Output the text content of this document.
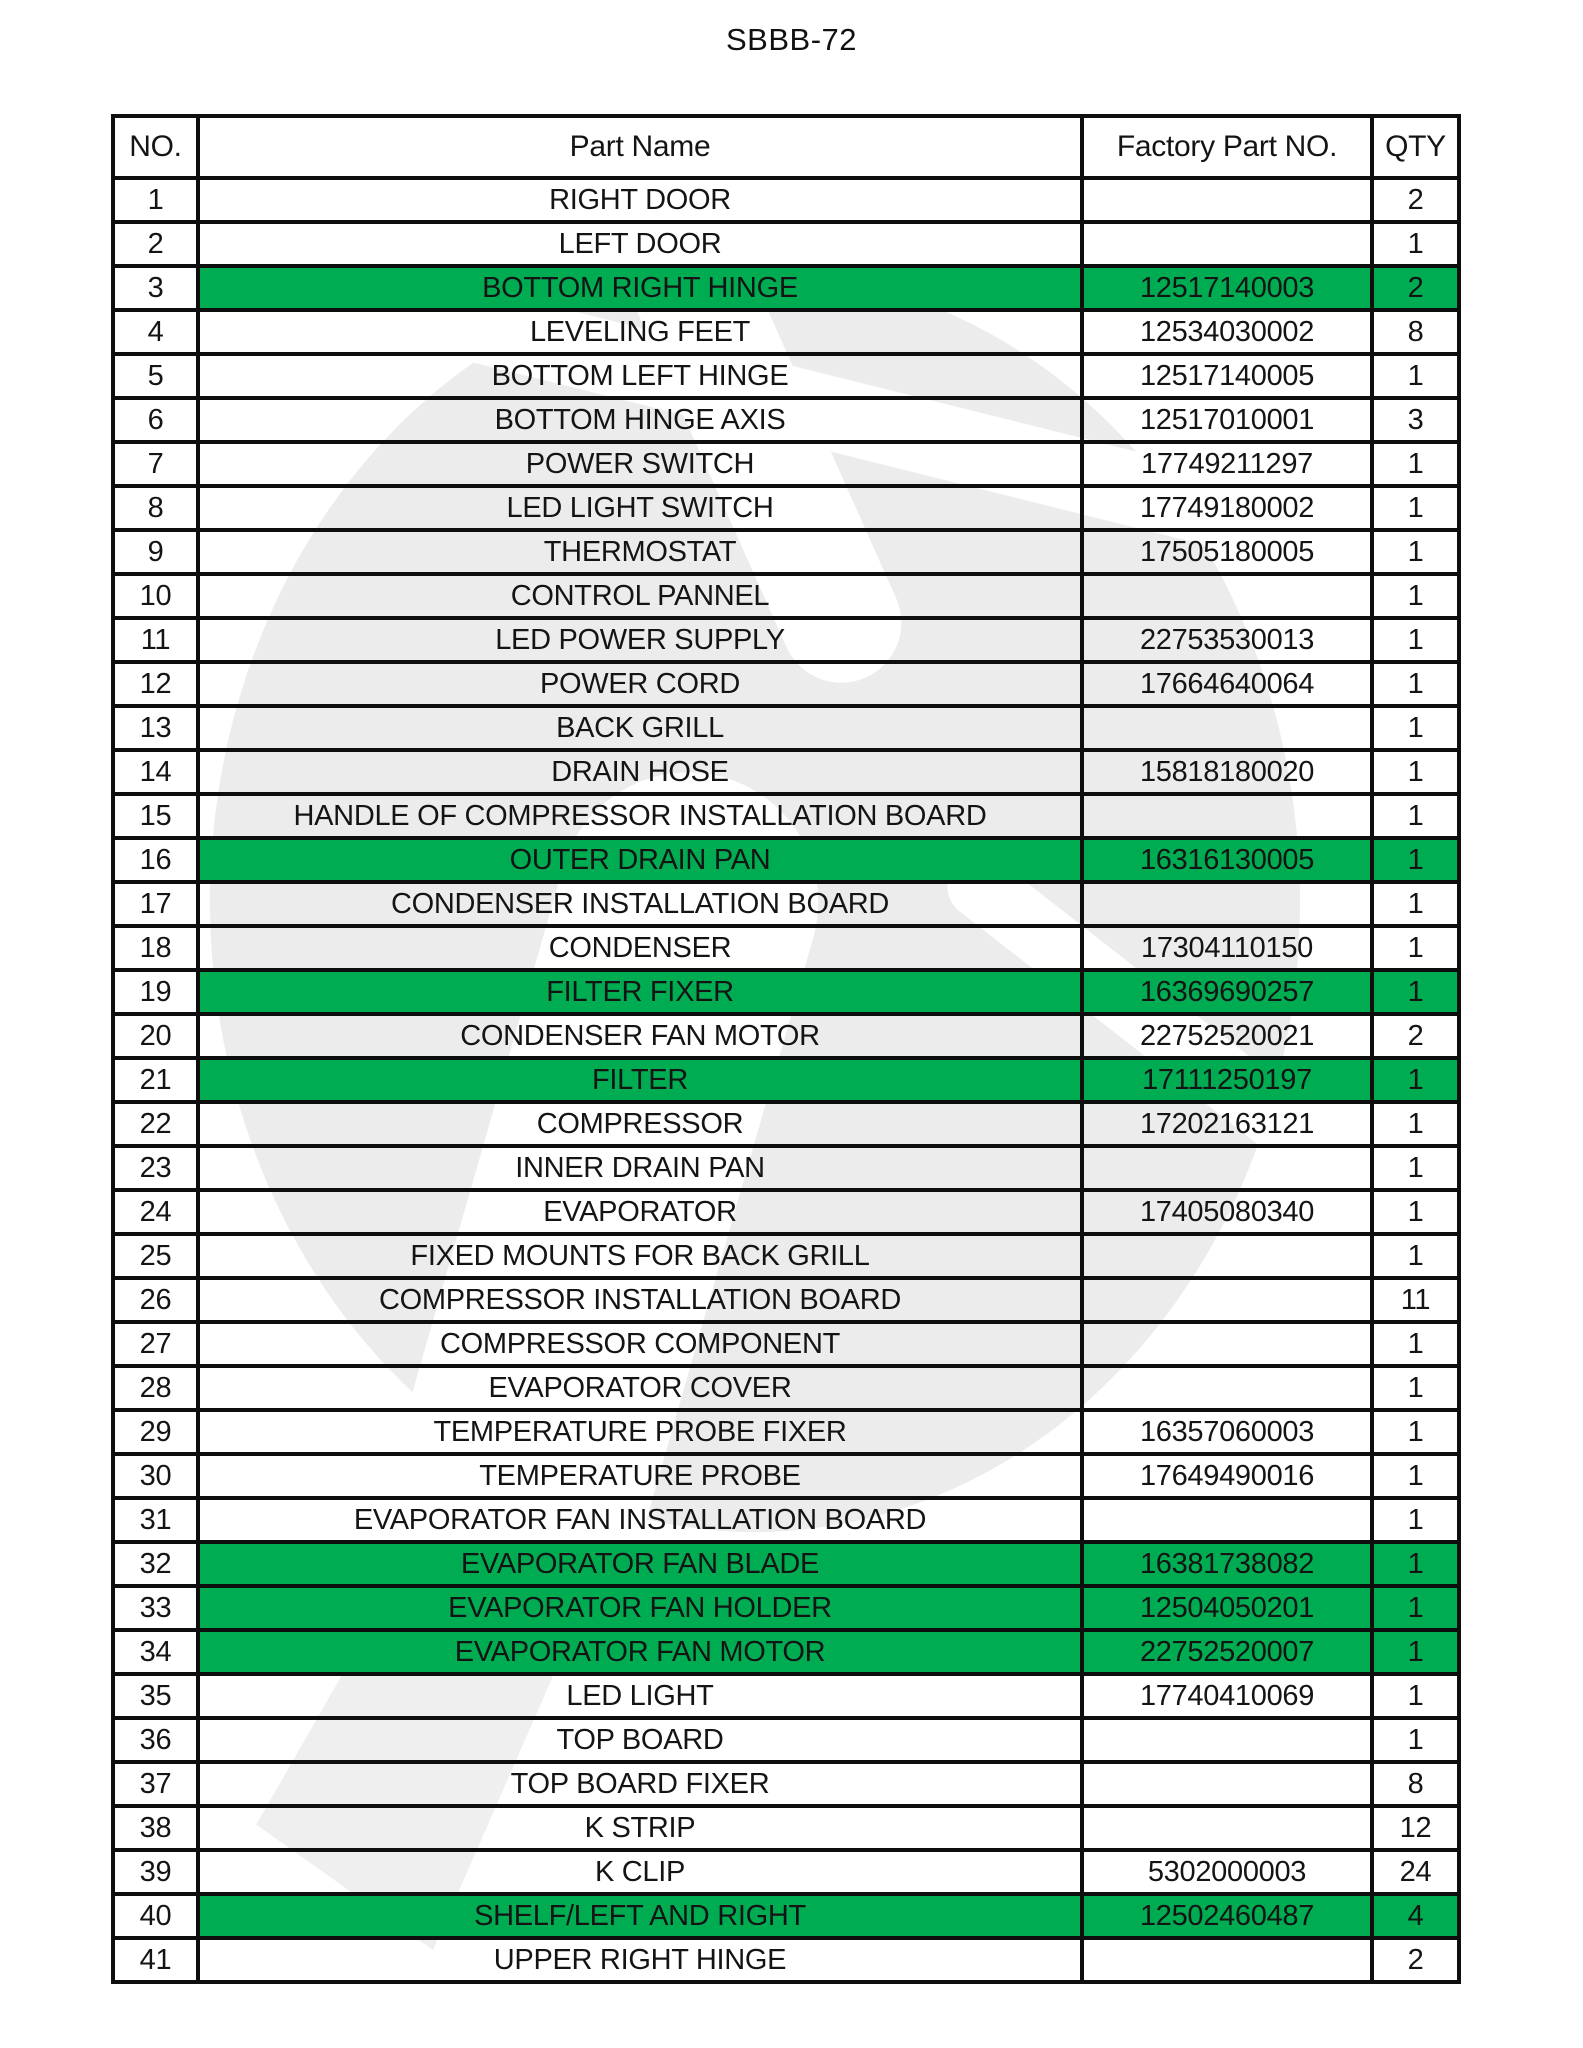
SBBB-72
NO.	Part Name	Factory Part NO.	QTY
1	RIGHT DOOR		2
2	LEFT DOOR		1
3	BOTTOM RIGHT HINGE	12517140003	2
4	LEVELING FEET	12534030002	8
5	BOTTOM LEFT HINGE	12517140005	1
6	BOTTOM HINGE AXIS	12517010001	3
7	POWER SWITCH	17749211297	1
8	LED LIGHT SWITCH	17749180002	1
9	THERMOSTAT	17505180005	1
10	CONTROL PANNEL		1
11	LED POWER SUPPLY	22753530013	1
12	POWER CORD	17664640064	1
13	BACK GRILL		1
14	DRAIN HOSE	15818180020	1
15	HANDLE OF COMPRESSOR INSTALLATION BOARD		1
16	OUTER DRAIN PAN	16316130005	1
17	CONDENSER INSTALLATION BOARD		1
18	CONDENSER	17304110150	1
19	FILTER FIXER	16369690257	1
20	CONDENSER FAN MOTOR	22752520021	2
21	FILTER	17111250197	1
22	COMPRESSOR	17202163121	1
23	INNER DRAIN PAN		1
24	EVAPORATOR	17405080340	1
25	FIXED MOUNTS FOR BACK GRILL		1
26	COMPRESSOR INSTALLATION BOARD		11
27	COMPRESSOR COMPONENT		1
28	EVAPORATOR COVER		1
29	TEMPERATURE PROBE FIXER	16357060003	1
30	TEMPERATURE PROBE	17649490016	1
31	EVAPORATOR FAN INSTALLATION BOARD		1
32	EVAPORATOR FAN BLADE	16381738082	1
33	EVAPORATOR FAN HOLDER	12504050201	1
34	EVAPORATOR FAN MOTOR	22752520007	1
35	LED LIGHT	17740410069	1
36	TOP BOARD		1
37	TOP BOARD FIXER		8
38	K STRIP		12
39	K CLIP	5302000003	24
40	SHELF/LEFT AND RIGHT	12502460487	4
41	UPPER RIGHT HINGE		2
